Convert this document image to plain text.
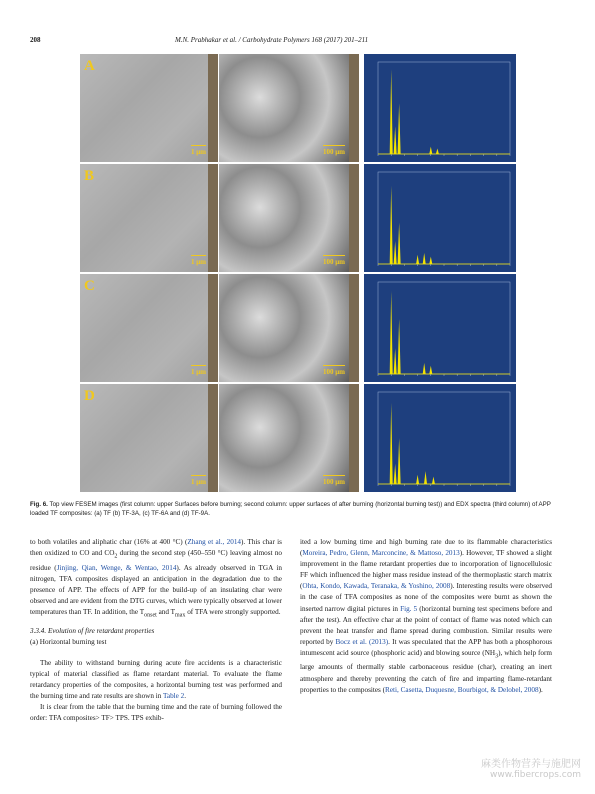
208	M.N. Prabhakar et al. / Carbohydrate Polymers 168 (2017) 201–211
A
1 μm	100 μm
B
1 μm	100 μm
C
1 μm	100 μm
D
1 μm	100 μm
Fig. 6. Top view FESEM images (first column: upper Surfaces before burning; second column: upper surfaces of after burning (horizontal burning test)) and EDX spectra (third column) of APP loaded TF composites: (a) TF (b) TF-3A, (c) TF-6A and (d) TF-9A.

to both volatiles and aliphatic char (16% at 400 °C) (Zhang et al., 2014). This char is then oxidized to CO and $CO_2$ during the second step (450–550 °C) leaving almost no residue (Jinjing, Qian, Wenge, & Wentao, 2014). As already observed in TGA in nitrogen, TFA composites displayed an anticipation in the degradation due to the presence of APP. The effects of APP for the build-up of an insulating char were observed and are evident from the DTG curves, which were typically observed at lower temperatures than TF. In addition, the $T_{onset}$ and $T_{max}$ of TFA were strongly supported.

3.3.4. Evolution of fire retardant properties

(a) Horizontal burning test

The ability to withstand burning during acute fire accidents is a characteristic typical of material classified as flame retardant material. To evaluate the flame retardancy properties of the composites, a horizontal burning test was performed and the burning time and rate results are shown in Table 2.

It is clear from the table that the burning time and the rate of burning followed the order: TFA composites> TF> TPS. TPS exhib-

ited a low burning time and high burning rate due to its flammable characteristics (Moreira, Pedro, Glenn, Marconcine, & Mattoso, 2013). However, TF showed a slight improvement in the flame retardant properties due to incorporation of lignocellulosic FF which influenced the higher mass residue instead of the thermoplastic starch matrix (Ohta, Kondo, Kawada, Teranaka, & Yoshino, 2008). Interesting results were observed in the case of TFA composites as none of the composites were burnt as shown the inserted narrow digital pictures in Fig. 5 (horizontal burning test specimens before and after the test). An effective char at the point of contact of flame was noted which can prevent the heat transfer and flame spread during combustion. Similar results were reported by Bocz et al. (2013). It was speculated that the APP has both a phosphorous intumescent acid source (phosphoric acid) and blowing source $(NH_3)$, which help form large amounts of thermally stable carbonaceous residue (char), creating an inert atmosphere and thereby preventing the catch of fire and imparting flame-retardant properties to the composites (Reti, Casetta, Duquesne, Bourbigot, & Delobel, 2008).

麻类作物营养与施肥网
www.fibercrops.com
